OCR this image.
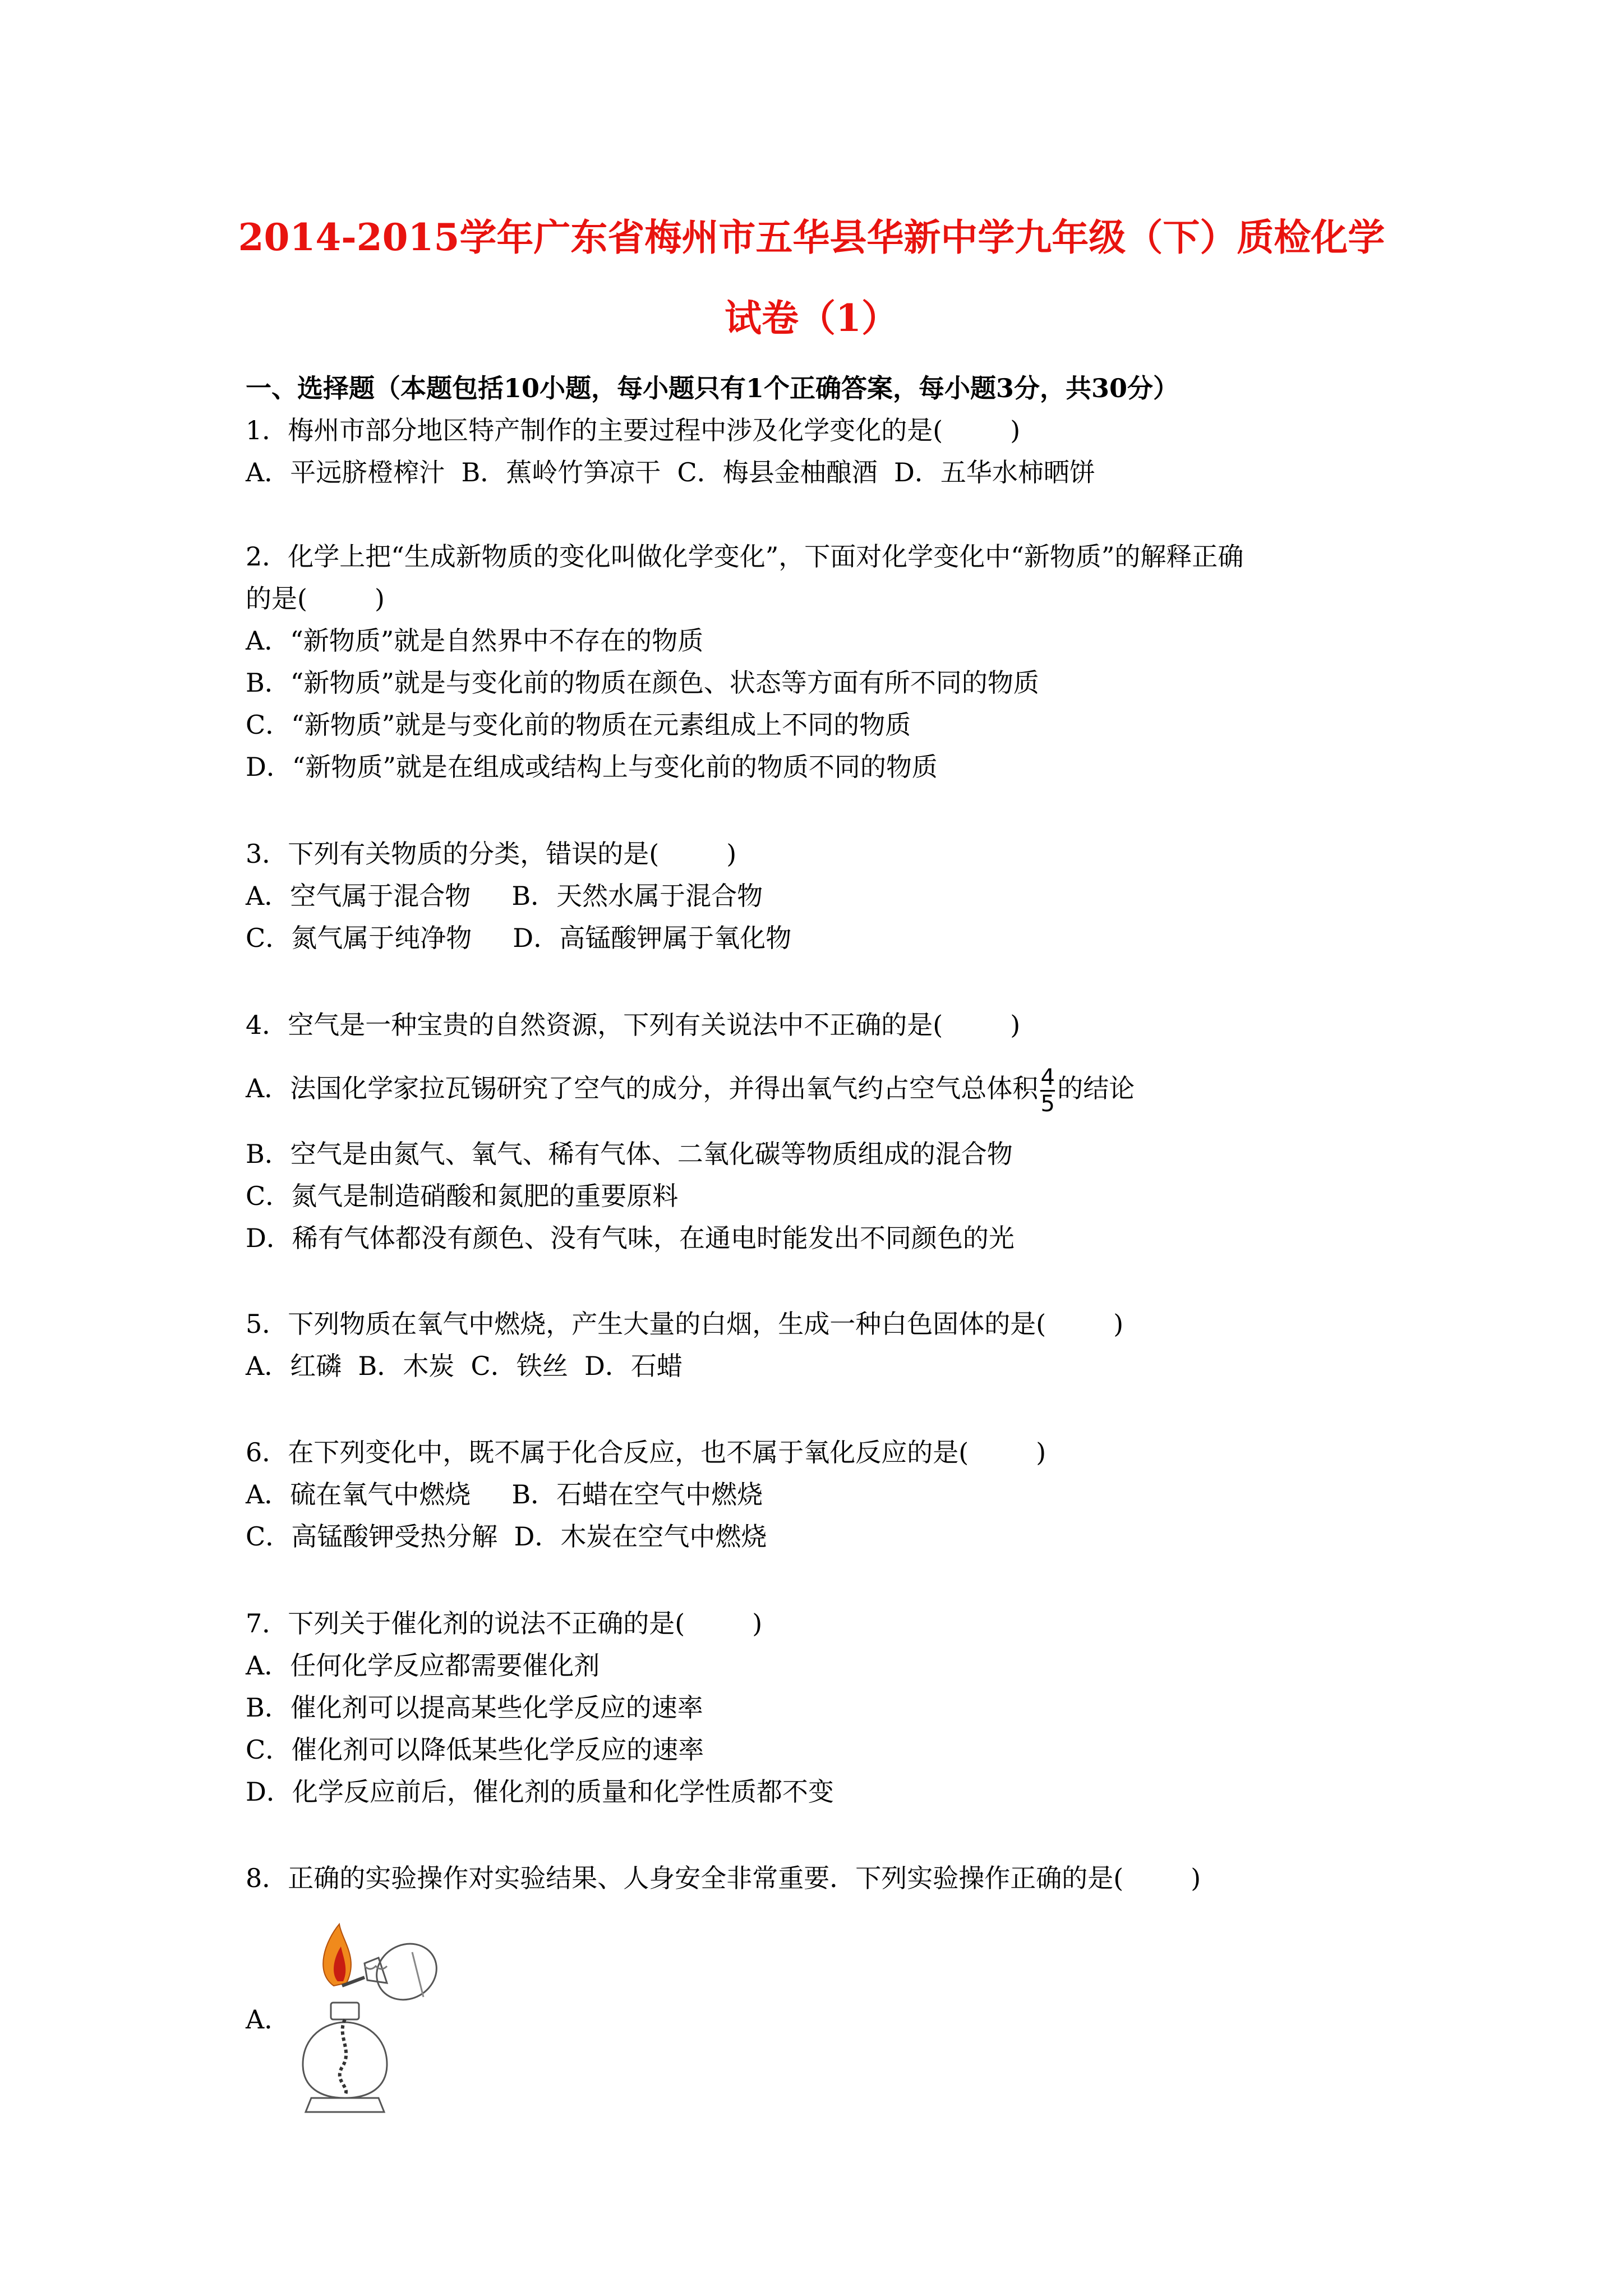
2014-2015学年广东省梅州市五华县华新中学九年级（下）质检化学
试卷（1）
一、选择题（本题包括10小题，每小题只有1个正确答案，每小题3分，共30分）
1．梅州市部分地区特产制作的主要过程中涉及化学变化的是(	)
A．平远脐橙榨汁  B．蕉岭竹笋凉干  C．梅县金柚酿酒  D．五华水柿晒饼
2．化学上把“生成新物质的变化叫做化学变化”，下面对化学变化中“新物质”的解释正确
的是(	)
A．“新物质”就是自然界中不存在的物质
B．“新物质”就是与变化前的物质在颜色、状态等方面有所不同的物质
C．“新物质”就是与变化前的物质在元素组成上不同的物质
D．“新物质”就是在组成或结构上与变化前的物质不同的物质
3．下列有关物质的分类，错误的是(	)
A．空气属于混合物     B．天然水属于混合物
C．氮气属于纯净物     D．高锰酸钾属于氧化物
4．空气是一种宝贵的自然资源，下列有关说法中不正确的是(	)
A．法国化学家拉瓦锡研究了空气的成分，并得出氧气约占空气总体积 $\frac{4}{5}$ 的结论
B．空气是由氮气、氧气、稀有气体、二氧化碳等物质组成的混合物
C．氮气是制造硝酸和氮肥的重要原料
D．稀有气体都没有颜色、没有气味，在通电时能发出不同颜色的光
5．下列物质在氧气中燃烧，产生大量的白烟，生成一种白色固体的是(	)
A．红磷  B．木炭  C．铁丝  D．石蜡
6．在下列变化中，既不属于化合反应，也不属于氧化反应的是(	)
A．硫在氧气中燃烧     B．石蜡在空气中燃烧
C．高锰酸钾受热分解  D．木炭在空气中燃烧
7．下列关于催化剂的说法不正确的是(	)
A．任何化学反应都需要催化剂
B．催化剂可以提高某些化学反应的速率
C．催化剂可以降低某些化学反应的速率
D．化学反应前后，催化剂的质量和化学性质都不变
8．正确的实验操作对实验结果、人身安全非常重要．下列实验操作正确的是(	)
A．
